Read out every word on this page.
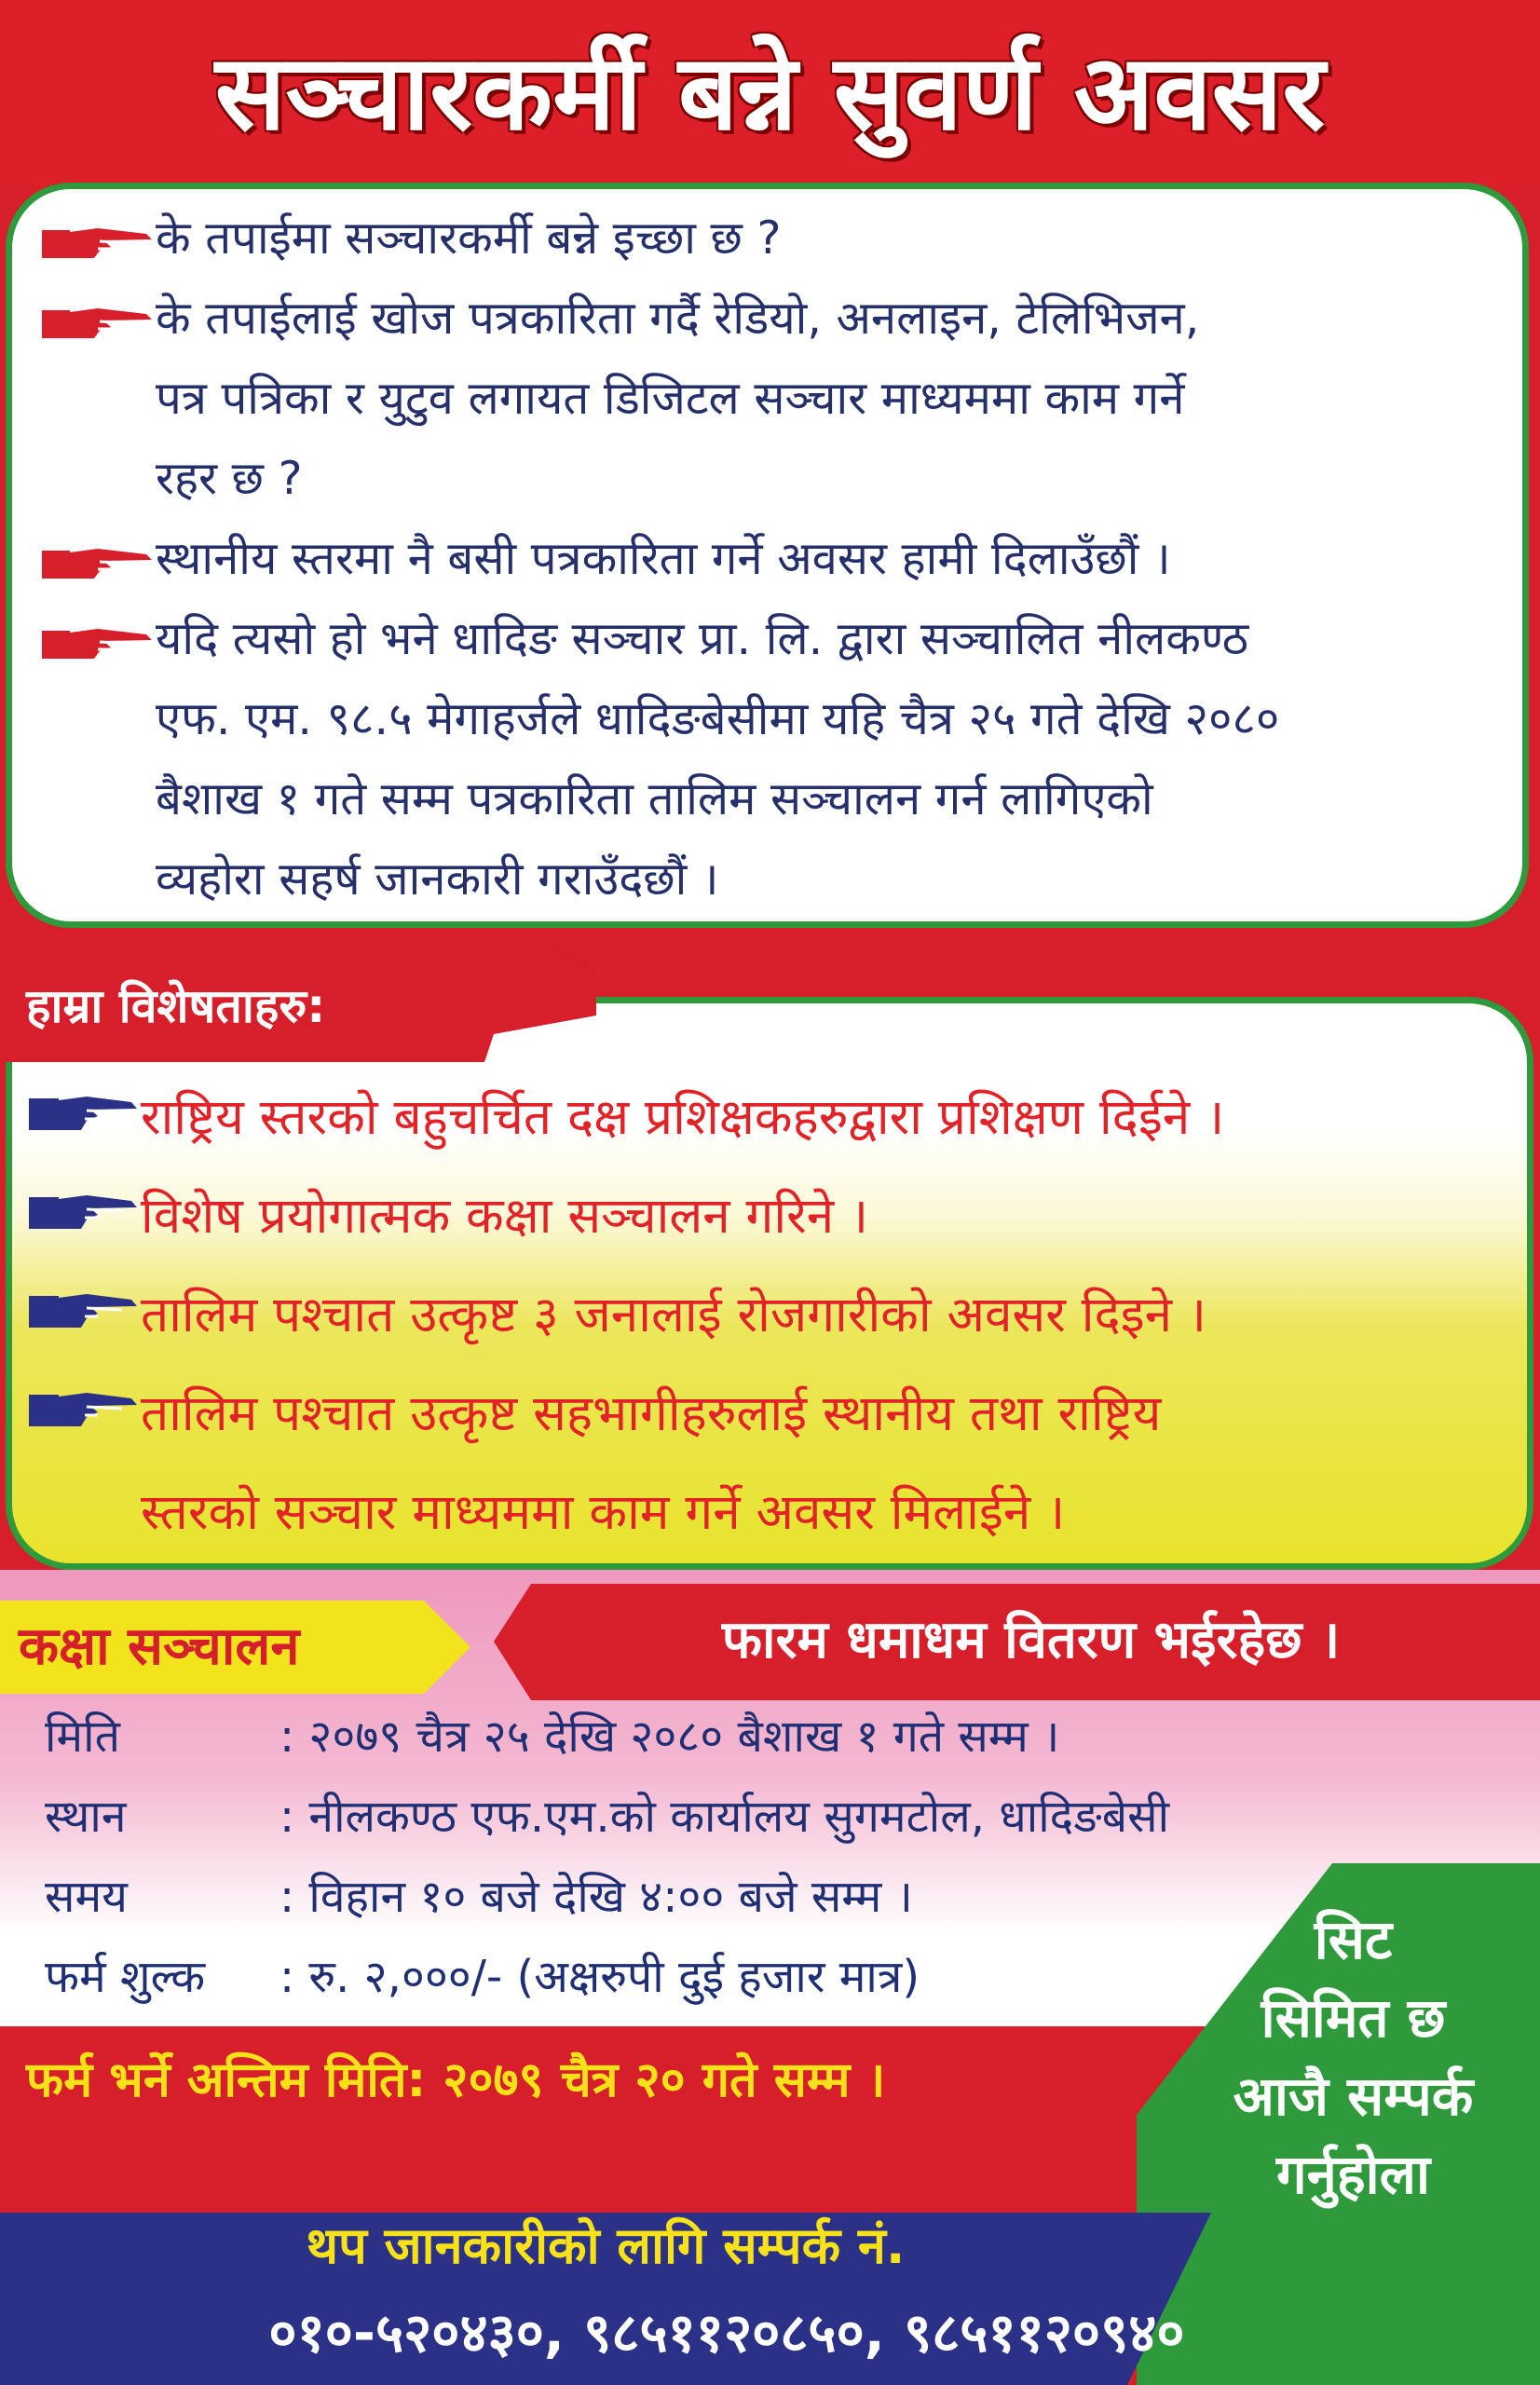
सञ्चारकर्मी बन्ने सुवर्ण अवसर
के तपाईमा सञ्चारकर्मी बन्ने इच्छा छ ?
के तपाईलाई खोज पत्रकारिता गर्दै रेडियो, अनलाइन, टेलिभिजन,
पत्र पत्रिका र युटुव लगायत डिजिटल सञ्चार माध्यममा काम गर्ने
रहर छ ?
स्थानीय स्तरमा नै बसी पत्रकारिता गर्ने अवसर हामी दिलाउँछौं ।
यदि त्यसो हो भने धादिङ सञ्चार प्रा. लि. द्वारा सञ्चालित नीलकण्ठ
एफ. एम. ९८.५ मेगाहर्जले धादिङबेसीमा यहि चैत्र २५ गते देखि २०८०
बैशाख १ गते सम्म पत्रकारिता तालिम सञ्चालन गर्न लागिएको
व्यहोरा सहर्ष जानकारी गराउँदछौं ।
राष्ट्रिय स्तरको बहुचर्चित दक्ष प्रशिक्षकहरुद्वारा प्रशिक्षण दिईने ।
विशेष प्रयोगात्मक कक्षा सञ्चालन गरिने ।
तालिम पश्चात उत्कृष्ट ३ जनालाई रोजगारीको अवसर दिइने ।
तालिम पश्चात उत्कृष्ट सहभागीहरुलाई स्थानीय तथा राष्ट्रिय
स्तरको सञ्चार माध्यममा काम गर्ने अवसर मिलाईने ।
हाम्रा विशेषताहरु:
कक्षा सञ्चालन	फारम धमाधम वितरण भईरहेछ ।
मिति	: २०७९ चैत्र २५ देखि २०८० बैशाख १ गते सम्म ।
स्थान	: नीलकण्ठ एफ.एम.को कार्यालय सुगमटोल, धादिङबेसी
समय	: विहान १० बजे देखि ४:०० बजे सम्म ।
फर्म शुल्क	: रु. २,०००/- (अक्षरुपी दुई हजार मात्र)
फर्म भर्ने अन्तिम मिति: २०७९ चैत्र २० गते सम्म ।
सिट
सिमित छ
आजै सम्पर्क
गर्नुहोला
थप जानकारीको लागि सम्पर्क नं.
०१०-५२०४३०, ९८५११२०८५०, ९८५११२०९४०
